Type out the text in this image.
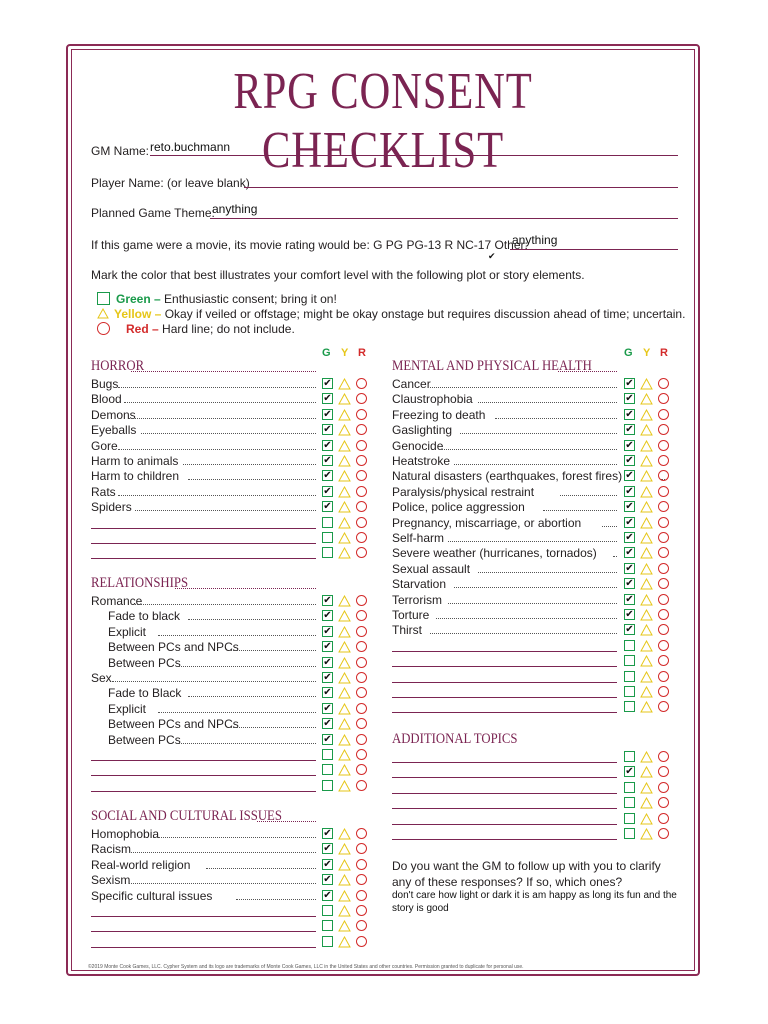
RPG CONSENT CHECKLIST
GM Name: reto.buchmann
Player Name: (or leave blank)
Planned Game Theme:
anything
If this game were a movie, its movie rating would be: G PG PG-13 R NC-17 Other:
anything
✔
Mark the color that best illustrates your comfort level with the following plot or story elements.
Green – Enthusiastic consent; bring it on!
Yellow – Okay if veiled or offstage; might be okay onstage but requires discussion ahead of time; uncertain.
Red – Hard line; do not include.
G Y R	G Y R
HORROR
Bugs	✔
Blood	✔
Demons	✔
Eyeballs	✔
Gore	✔
Harm to animals	✔
Harm to children	✔
Rats	✔
Spiders	✔
RELATIONSHIPS
Romance	✔
Fade to black	✔
Explicit	✔
Between PCs and NPCs	✔
Between PCs	✔
Sex	✔
Fade to Black	✔
Explicit	✔
Between PCs and NPCs	✔
Between PCs	✔
SOCIAL AND CULTURAL ISSUES
Homophobia	✔
Racism	✔
Real-world religion	✔
Sexism	✔
Specific cultural issues	✔
MENTAL AND PHYSICAL HEALTH
Cancer	✔
Claustrophobia	✔
Freezing to death	✔
Gaslighting	✔
Genocide	✔
Heatstroke	✔
Natural disasters (earthquakes, forest fires) ✔
Paralysis/physical restraint	✔
Police, police aggression	✔
Pregnancy, miscarriage, or abortion	✔
Self-harm	✔
Severe weather (hurricanes, tornados)	✔
Sexual assault	✔
Starvation	✔
Terrorism	✔
Torture	✔
Thirst	✔
ADDITIONAL TOPICS
✔
Do you want the GM to follow up with you to clarify any of these responses? If so, which ones?
don't care how light or dark it is am happy as long its fun and the story is good
©2019 Monte Cook Games, LLC. Cypher System and its logo are trademarks of Monte Cook Games, LLC in the United States and other countries. Permission granted to duplicate for personal use.
